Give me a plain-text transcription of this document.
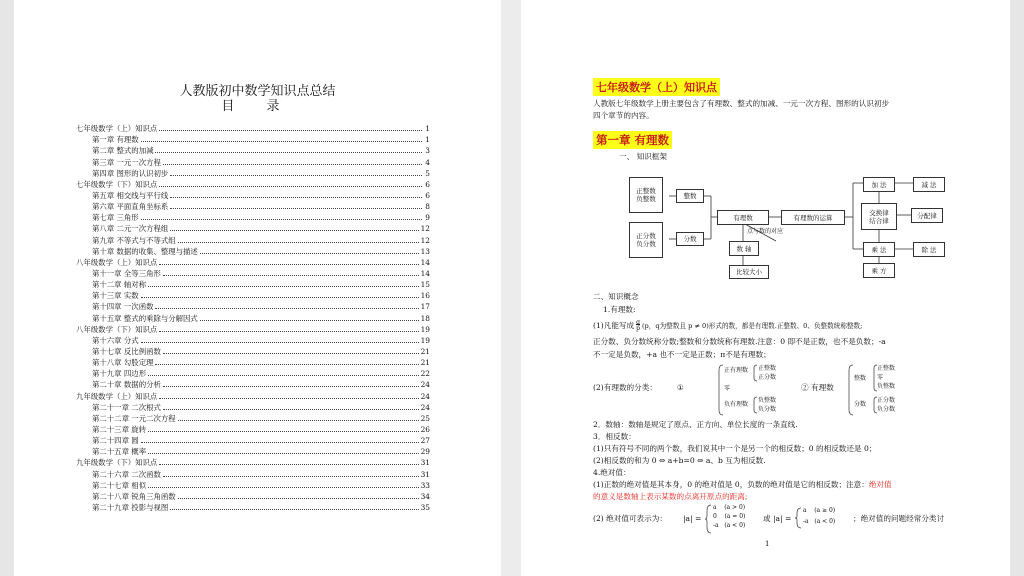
人教版初中数学知识点总结
目 录
七年级数学（上）知识点	1
第一章 有理数	1
第二章 整式的加减	3
第三章 一元一次方程	4
第四章 图形的认识初步	5
七年级数学（下）知识点	6
第五章 相交线与平行线	6
第六章 平面直角坐标系	8
第七章 三角形	9
第八章 二元一次方程组	12
第九章 不等式与不等式组	12
第十章 数据的收集、整理与描述	13
八年级数学（上）知识点	14
第十一章 全等三角形	14
第十二章 轴对称	15
第十三章 实数	16
第十四章 一次函数	17
第十五章 整式的乘除与分解因式	18
八年级数学（下）知识点	19
第十六章 分式	19
第十七章 反比例函数	21
第十八章 勾股定理	21
第十九章 四边形	22
第二十章 数据的分析	24
九年级数学（上）知识点	24
第二十一章 二次根式	24
第二十二章 一元二次方程	25
第二十三章 旋转	26
第二十四章 圆	27
第二十五章 概率	29
九年级数学（下）知识点	31
第二十六章 二次函数	31
第二十七章 相似	33
第二十八章 锐角三角函数	34
第二十九章 投影与视图	35
七年级数学（上）知识点
人教版七年级数学上册主要包含了有理数、整式的加减、一元一次方程、图形的认识初步
四个章节的内容。
第一章 有理数
一、 知识框架
正整数
负整数	整数
正分数
负分数
分数
有理数	有理数的运算
点与数的对应
数 轴
比较大小
加 法	减 法
交换律
结合律
分配律
乘 法	除 法
乘 方
二、知识概念
1.有理数:
(1)凡能写成 q
p (p，q为整数且 p ≠ 0)形式的数，都是有理数.正整数、0、负整数统称整数;
正分数、负分数统称分数;整数和分数统称有理数.注意：0 即不是正数，也不是负数；-a
不一定是负数，+a 也不一定是正数；π不是有理数；
(2)有理数的分类：	①
正有理数 正整数
正分数
零
负有理数
负整数
负分数
② 有理数
整数
正整数
零
负整数
分数
正分数
负分数
2．数轴：数轴是规定了原点、正方向、单位长度的一条直线.
3．相反数：
(1)只有符号不同的两个数，我们说其中一个是另一个的相反数；0 的相反数还是 0；
(2)相反数的和为 0 ⇔ a+b=0 ⇔ a、b 互为相反数.
4.绝对值：
(1)正数的绝对值是其本身，0 的绝对值是 0，负数的绝对值是它的相反数；注意：绝对值
的意义是数轴上表示某数的点离开原点的距离;
(2) 绝对值可表示为： |a| =
a    (a > 0)
0    (a = 0)
-a   (a < 0)
或 |a| =
a    (a ≥ 0)
-a   (a < 0) ；绝对值的问题经常分类讨
1
